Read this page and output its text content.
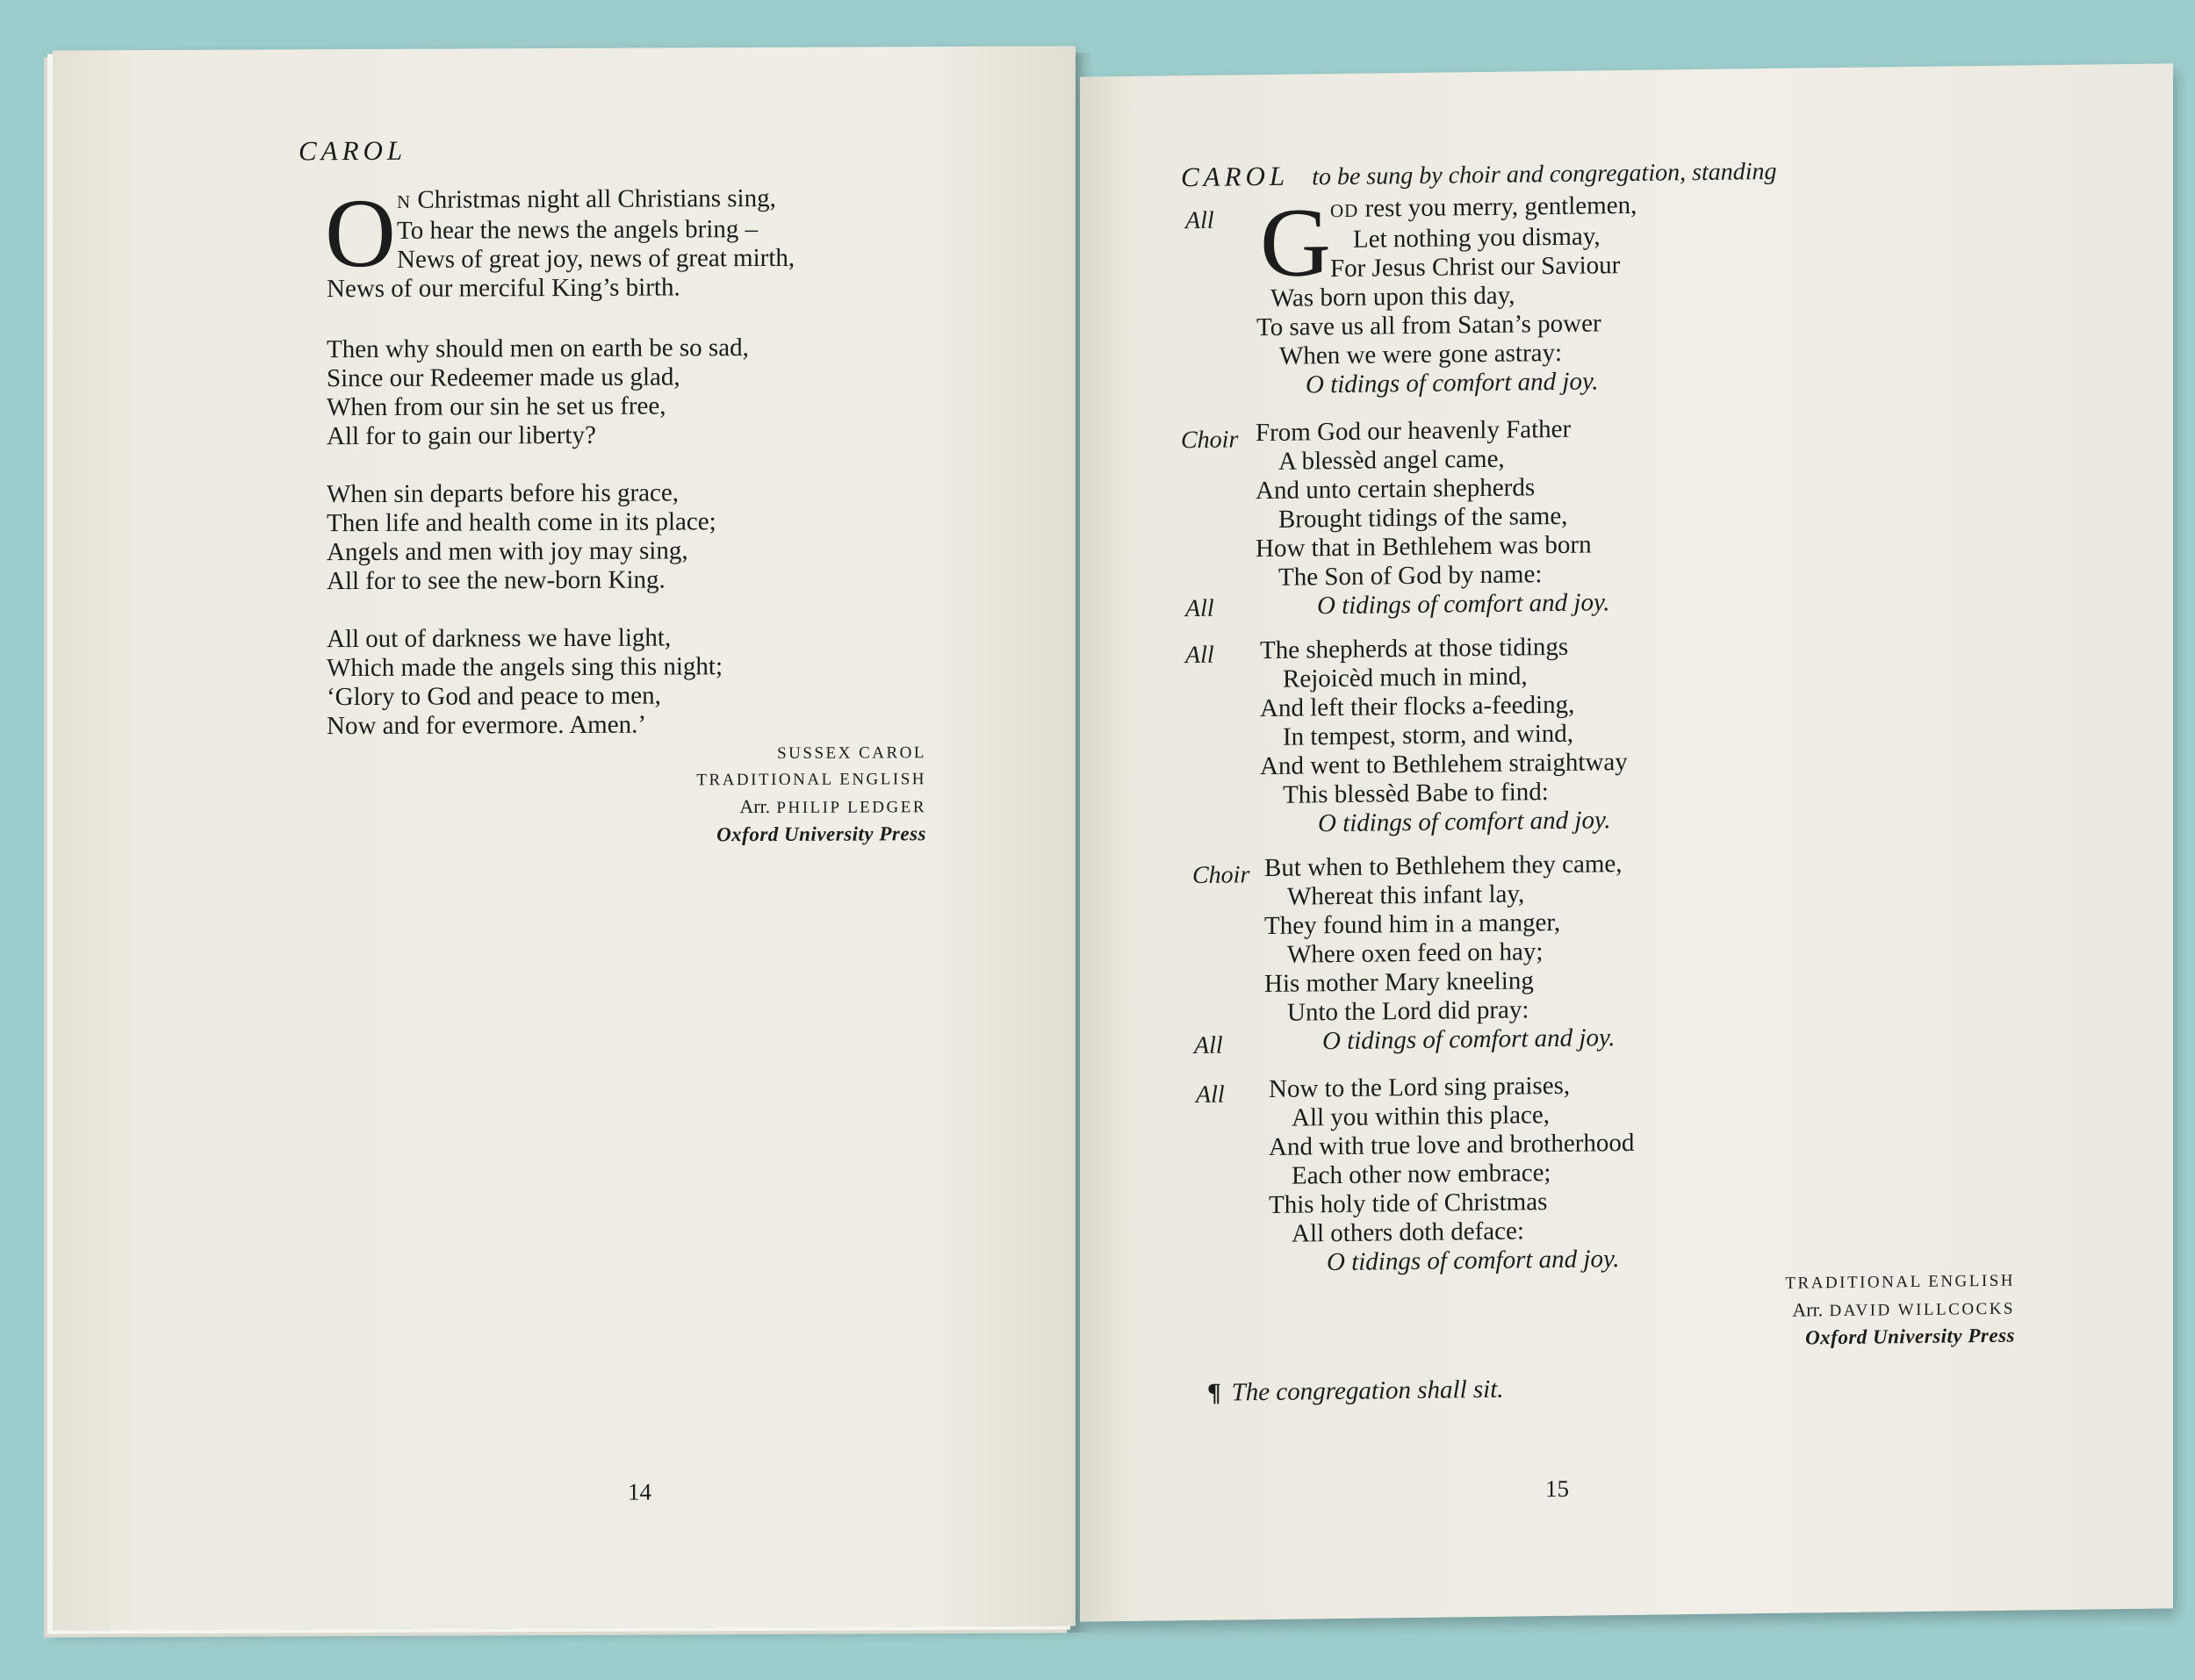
CAROL
O N Christmas night all Christians sing,
To hear the news the angels bring –
News of great joy, news of great mirth,
News of our merciful King’s birth.
Then why should men on earth be so sad,
Since our Redeemer made us glad,
When from our sin he set us free,
All for to gain our liberty?
When sin departs before his grace,
Then life and health come in its place;
Angels and men with joy may sing,
All for to see the new-born King.
All out of darkness we have light,
Which made the angels sing this night;
‘Glory to God and peace to men,
Now and for evermore. Amen.’
SUSSEX CAROL
TRADITIONAL ENGLISH
Arr. PHILIP LEDGER
Oxford University Press
14
CAROL to be sung by choir and congregation, standing
All G OD rest you merry, gentlemen,
Let nothing you dismay,
For Jesus Christ our Saviour
Was born upon this day,
To save us all from Satan’s power
When we were gone astray:
O tidings of comfort and joy.
Choir From God our heavenly Father
A blessèd angel came,
And unto certain shepherds
Brought tidings of the same,
How that in Bethlehem was born
The Son of God by name:
O tidings of comfort and joy.
All
All The shepherds at those tidings
Rejoicèd much in mind,
And left their flocks a-feeding,
In tempest, storm, and wind,
And went to Bethlehem straightway
This blessèd Babe to find:
O tidings of comfort and joy.
Choir But when to Bethlehem they came,
Whereat this infant lay,
They found him in a manger,
Where oxen feed on hay;
His mother Mary kneeling
Unto the Lord did pray:
O tidings of comfort and joy.
All
All Now to the Lord sing praises,
All you within this place,
And with true love and brotherhood
Each other now embrace;
This holy tide of Christmas
All others doth deface:
O tidings of comfort and joy.
TRADITIONAL ENGLISH
Arr. DAVID WILLCOCKS
Oxford University Press
¶ The congregation shall sit.
15
